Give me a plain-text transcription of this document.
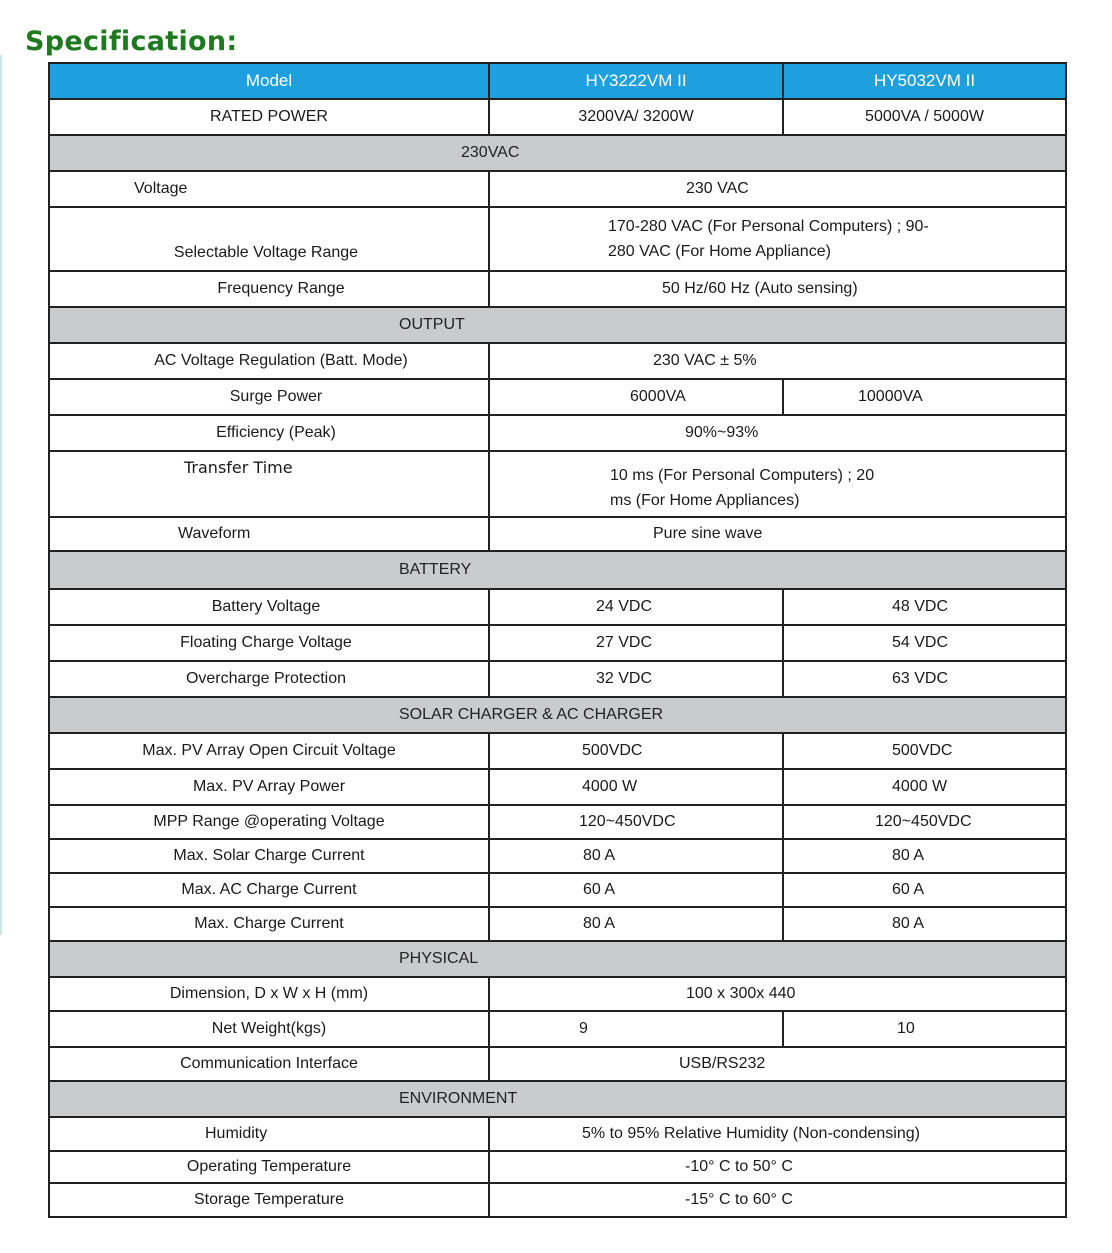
Specification:
Model	HY3222VM II	HY5032VM II
RATED POWER	3200VA/ 3200W	5000VA / 5000W
230VAC		
Voltage	230 VAC	
Selectable Voltage Range	170-280 VAC (For Personal Computers) ; 90-
280 VAC (For Home Appliance)	

Frequency Range	50 Hz/60 Hz (Auto sensing)	
OUTPUT		
AC Voltage Regulation (Batt. Mode)	230 VAC ± 5%	
Surge Power	6000VA	10000VA
Efficiency (Peak)	90%~93%	
Transfer Time	10 ms (For Personal Computers) ; 20
ms (For Home Appliances)	

Waveform	Pure sine wave	
BATTERY		
Battery Voltage	24 VDC	48 VDC
Floating Charge Voltage	27 VDC	54 VDC
Overcharge Protection	32 VDC	63 VDC
SOLAR CHARGER & AC CHARGER		
Max. PV Array Open Circuit Voltage	500VDC	500VDC
Max. PV Array Power	4000 W	4000 W
MPP Range @operating Voltage	120~450VDC	120~450VDC
Max. Solar Charge Current	80 A	80 A
Max. AC Charge Current	60 A	60 A
Max. Charge Current	80 A	80 A
PHYSICAL		
Dimension, D x W x H (mm)	100 x 300x 440	
Net Weight(kgs)	9	10
Communication Interface	USB/RS232	
ENVIRONMENT		
Humidity	5% to 95% Relative Humidity (Non-condensing)	
Operating Temperature	-10° C to 50° C	
Storage Temperature	-15° C to 60° C	
